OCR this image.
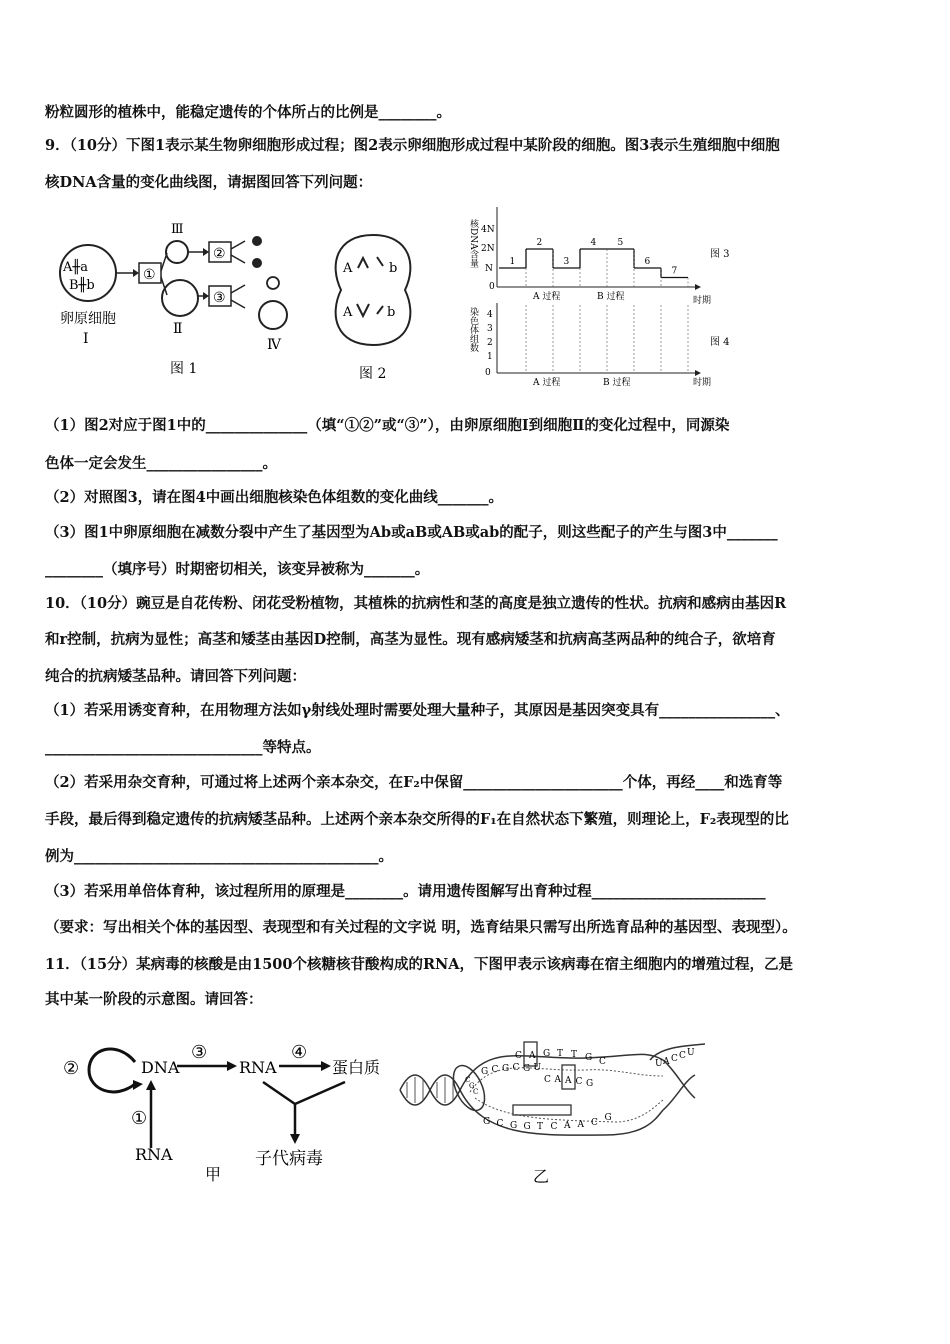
粉粒圆形的植株中，能稳定遗传的个体所占的比例是________。
9．（10分）下图1表示某生物卵细胞形成过程；图2表示卵细胞形成过程中某阶段的细胞。图3表示生殖细胞中细胞
核DNA含量的变化曲线图，请据图回答下列问题：
A╫a
B╫b
卵原细胞
Ⅰ
①
Ⅲ
Ⅱ
②
③
Ⅳ
图 1
A	b
A	b
图 2
核DNA含量 4N
2N
N
0
1
2
3
4 5
6
7
A 过程	B 过程	时期
图 3
染色体组数 4
3
2
1
0
A 过程	B 过程	时期
图 4
（1）图2对应于图1中的______________（填“①②”或“③”），由卵原细胞Ⅰ到细胞Ⅱ的变化过程中，同源染
色体一定会发生________________。
（2）对照图3，请在图4中画出细胞核染色体组数的变化曲线_______。
（3）图1中卵原细胞在减数分裂中产生了基因型为Ab或aB或AB或ab的配子，则这些配子的产生与图3中_______
________（填序号）时期密切相关，该变异被称为_______。
10．（10分）豌豆是自花传粉、闭花受粉植物，其植株的抗病性和茎的高度是独立遗传的性状。抗病和感病由基因R
和r控制，抗病为显性；高茎和矮茎由基因D控制，高茎为显性。现有感病矮茎和抗病高茎两品种的纯合子，欲培育
纯合的抗病矮茎品种。请回答下列问题：
（1）若采用诱变育种，在用物理方法如γ射线处理时需要处理大量种子，其原因是基因突变具有________________、
______________________________等特点。
（2）若采用杂交育种，可通过将上述两个亲本杂交，在F₂中保留______________________个体，再经____和选育等
手段，最后得到稳定遗传的抗病矮茎品种。上述两个亲本杂交所得的F₁在自然状态下繁殖，则理论上，F₂表现型的比
例为__________________________________________。
（3）若采用单倍体育种，该过程所用的原理是________。请用遗传图解写出育种过程________________________
（要求：写出相关个体的基因型、表现型和有关过程的文字说 明，选育结果只需写出所选育品种的基因型、表现型）。
11．（15分）某病毒的核酸是由1500个核糖核苷酸构成的RNA，下图甲表示该病毒在宿主细胞内的增殖过程，乙是
其中某一阶段的示意图。请回答：
②	DNA
③
RNA
④
蛋白质
①
RNA	子代病毒
甲
C A G T T G C
G C G C G U
C A A C G
G C G G T C A A C G
U A C C U
C
G
C
乙
